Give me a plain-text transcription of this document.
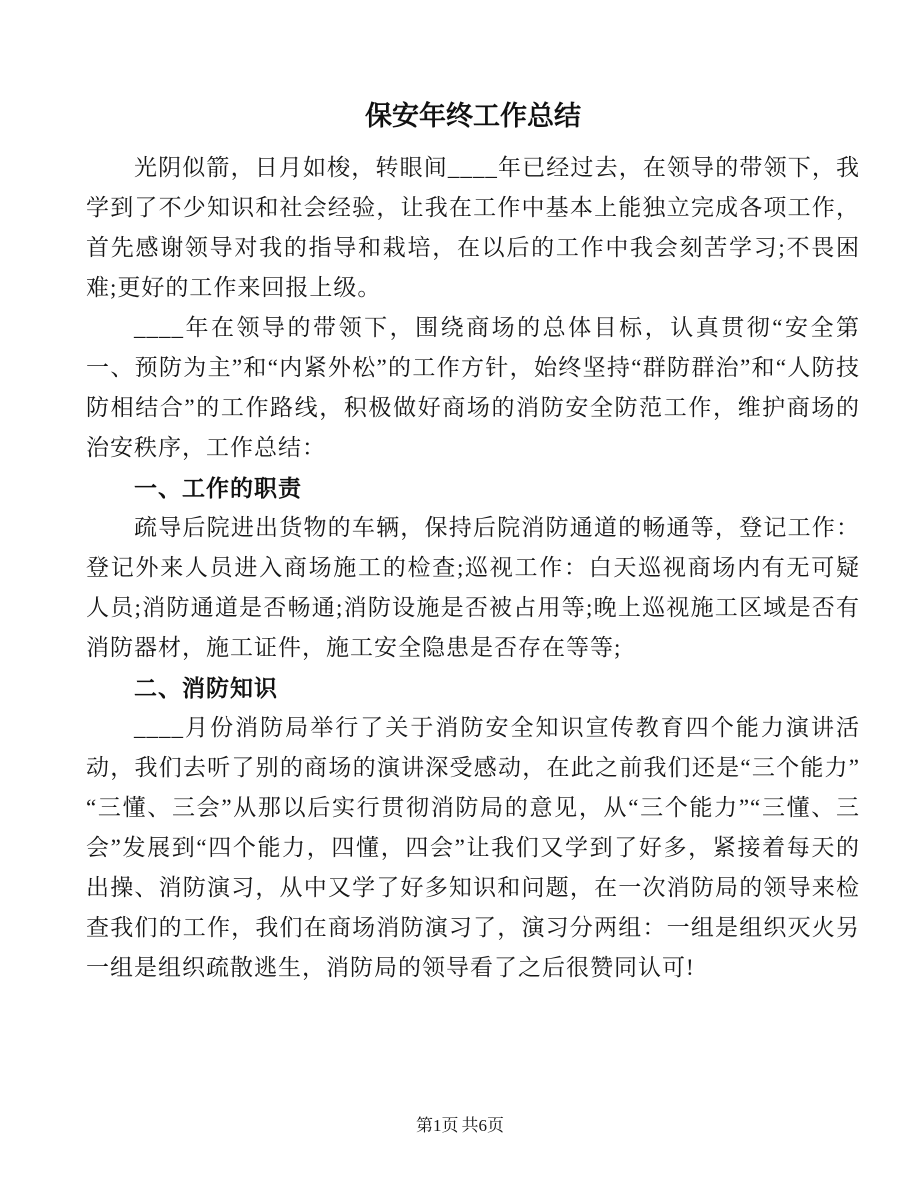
保安年终工作总结

光阴似箭，日月如梭，转眼间____年已经过去，在领导的带领下，我学到了不少知识和社会经验，让我在工作中基本上能独立完成各项工作，首先感谢领导对我的指导和栽培，在以后的工作中我会刻苦学习;不畏困难;更好的工作来回报上级。

____年在领导的带领下，围绕商场的总体目标，认真贯彻“安全第一、预防为主”和“内紧外松”的工作方针，始终坚持“群防群治”和“人防技防相结合”的工作路线，积极做好商场的消防安全防范工作，维护商场的治安秩序，工作总结：

一、工作的职责

疏导后院进出货物的车辆，保持后院消防通道的畅通等，登记工作：登记外来人员进入商场施工的检查;巡视工作：白天巡视商场内有无可疑人员;消防通道是否畅通;消防设施是否被占用等;晚上巡视施工区域是否有消防器材，施工证件，施工安全隐患是否存在等等;

二、消防知识

____月份消防局举行了关于消防安全知识宣传教育四个能力演讲活动，我们去听了别的商场的演讲深受感动，在此之前我们还是“三个能力”“三懂、三会”从那以后实行贯彻消防局的意见，从“三个能力”“三懂、三会”发展到“四个能力，四懂，四会”让我们又学到了好多，紧接着每天的出操、消防演习，从中又学了好多知识和问题，在一次消防局的领导来检查我们的工作，我们在商场消防演习了，演习分两组：一组是组织灭火另一组是组织疏散逃生，消防局的领导看了之后很赞同认可!

第1页 共6页
